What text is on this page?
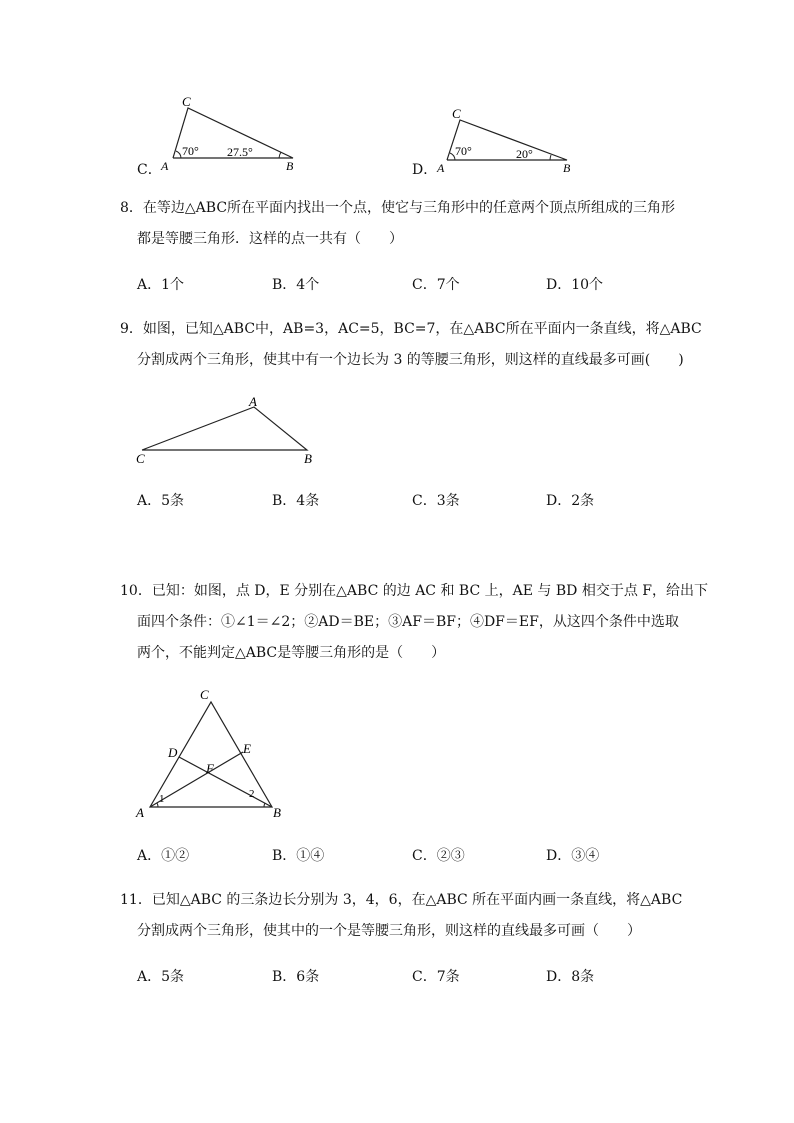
C．
C
A	B
70° 27.5°
D．
C
A	B
70°	20°
8．在等边△ABC所在平面内找出一个点，使它与三角形中的任意两个顶点所组成的三角形
都是等腰三角形．这样的点一共有（　　）
A．1个	B．4个	C．7个	D．10个
9．如图，已知△ABC中，AB=3，AC=5，BC=7，在△ABC所在平面内一条直线，将△ABC
分割成两个三角形，使其中有一个边长为 3 的等腰三角形，则这样的直线最多可画(　　)
A
C	B
A．5条	B．4条	C．3条	D．2条
10．已知：如图，点 D，E 分别在△ABC 的边 AC 和 BC 上，AE 与 BD 相交于点 F，给出下
面四个条件：①∠1＝∠2；②AD＝BE；③AF＝BF；④DF＝EF，从这四个条件中选取
两个，不能判定△ABC是等腰三角形的是（　　）
C
D	E
F
A	B
1	2
A．①②	B．①④	C．②③	D．③④
11．已知△ABC 的三条边长分别为 3，4，6，在△ABC 所在平面内画一条直线，将△ABC
分割成两个三角形，使其中的一个是等腰三角形，则这样的直线最多可画（　　）
A．5条	B．6条	C．7条	D．8条
